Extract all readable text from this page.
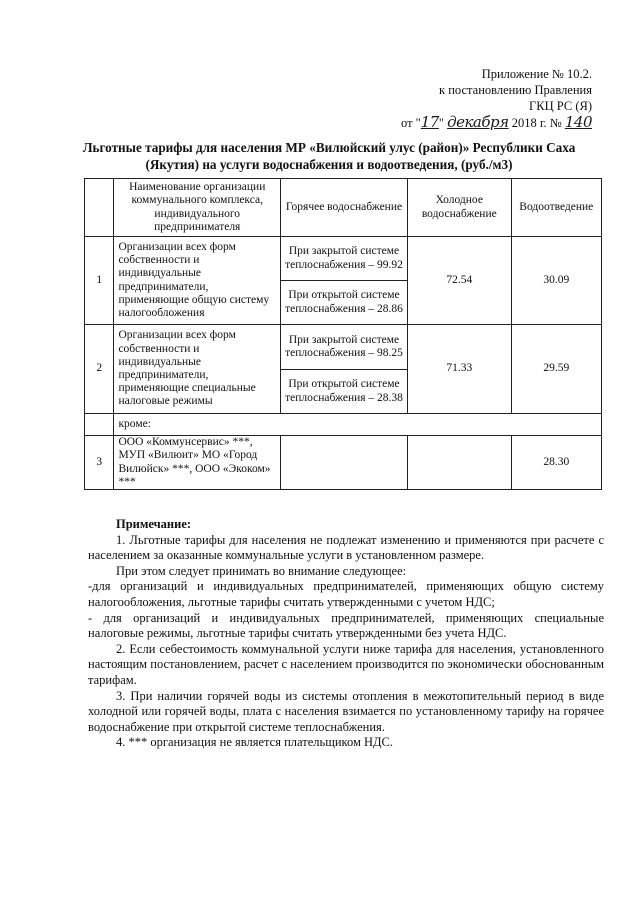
Приложение № 10.2.
к постановлению Правления
ГКЦ РС (Я)
от "17" декабря 2018 г. № 140
Льготные тарифы для населения МР «Вилюйский улус (район)» Республики Саха (Якутия) на услуги водоснабжения и водоотведения, (руб./м3)
	Наименование организации коммунального комплекса, индивидуального предпринимателя	Горячее водоснабжение	Холодное водоснабжение	Водоотведение
1	Организации всех форм собственности и индивидуальные предприниматели, применяющие общую систему налогообложения	При закрытой системе теплоснабжения – 99.92	72.54	30.09
		При открытой системе теплоснабжения – 28.86		
2	Организации всех форм собственности и индивидуальные предприниматели, применяющие специальные налоговые режимы	При закрытой системе теплоснабжения – 98.25	71.33	29.59
		При открытой системе теплоснабжения – 28.38		
	кроме:			
3	ООО «Коммунсервис» ***, МУП «Вилюит» МО «Город Вилюйск» ***, ООО «Экоком» ***			28.30

Примечание:

1. Льготные тарифы для населения не подлежат изменению и применяются при расчете с населением за оказанные коммунальные услуги в установленном размере.

При этом следует принимать во внимание следующее:

-для организаций и индивидуальных предпринимателей, применяющих общую систему налогообложения, льготные тарифы считать утвержденными с учетом НДС;

- для организаций и индивидуальных предпринимателей, применяющих специальные налоговые режимы, льготные тарифы считать утвержденными без учета НДС.

2. Если себестоимость коммунальной услуги ниже тарифа для населения, установленного настоящим постановлением, расчет с населением производится по экономически обоснованным тарифам.

3. При наличии горячей воды из системы отопления в межотопительный период в виде холодной или горячей воды, плата с населения взимается по установленному тарифу на горячее водоснабжение при открытой системе теплоснабжения.

4. *** организация не является плательщиком НДС.
